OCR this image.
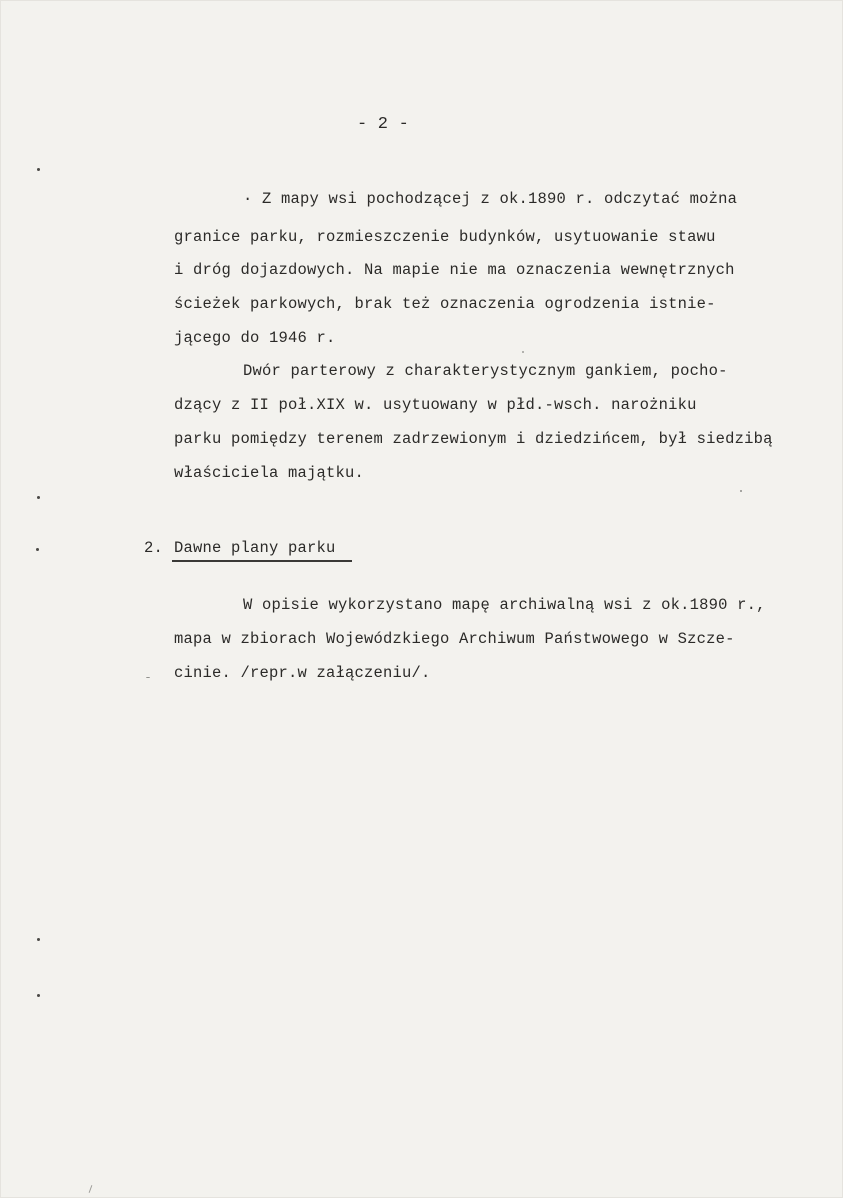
- 2 -
· Z mapy wsi pochodzącej z ok.1890 r. odczytać można
granice parku, rozmieszczenie budynków, usytuowanie stawu
i dróg dojazdowych. Na mapie nie ma oznaczenia wewnętrznych
ścieżek parkowych, brak też oznaczenia ogrodzenia istnie-
jącego do 1946 r.
Dwór parterowy z charakterystycznym gankiem, pocho-
dzący z II poł.XIX w. usytuowany w płd.-wsch. narożniku
parku pomiędzy terenem zadrzewionym i dziedzińcem, był siedzibą
właściciela majątku.
2. Dawne plany parku
W opisie wykorzystano mapę archiwalną wsi z ok.1890 r.,
mapa w zbiorach Wojewódzkiego Archiwum Państwowego w Szcze-
cinie. /repr.w załączeniu/.
